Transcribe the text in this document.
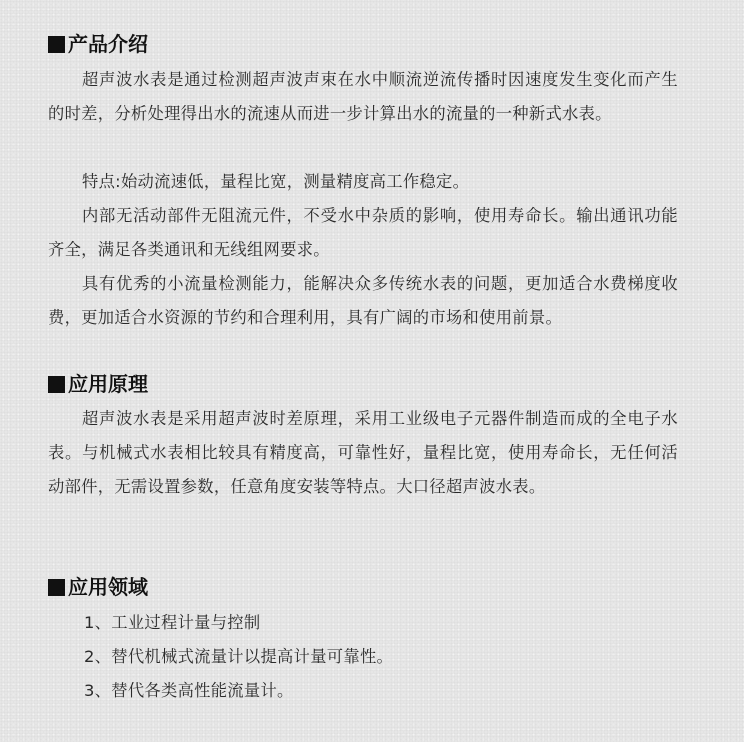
产品介绍

超声波水表是通过检测超声波声束在水中顺流逆流传播时因速度发生变化而产生的时差，分析处理得出水的流速从而进一步计算出水的流量的一种新式水表。

特点:始动流速低，量程比宽，测量精度高工作稳定。

内部无活动部件无阻流元件，不受水中杂质的影响，使用寿命长。输出通讯功能齐全，满足各类通讯和无线组网要求。

具有优秀的小流量检测能力，能解决众多传统水表的问题，更加适合水费梯度收费，更加适合水资源的节约和合理利用，具有广阔的市场和使用前景。

应用原理

超声波水表是采用超声波时差原理，采用工业级电子元器件制造而成的全电子水表。与机械式水表相比较具有精度高，可靠性好，量程比宽，使用寿命长，无任何活动部件，无需设置参数，任意角度安装等特点。大口径超声波水表。

应用领域

1、工业过程计量与控制

2、替代机械式流量计以提高计量可靠性。

3、替代各类高性能流量计。
